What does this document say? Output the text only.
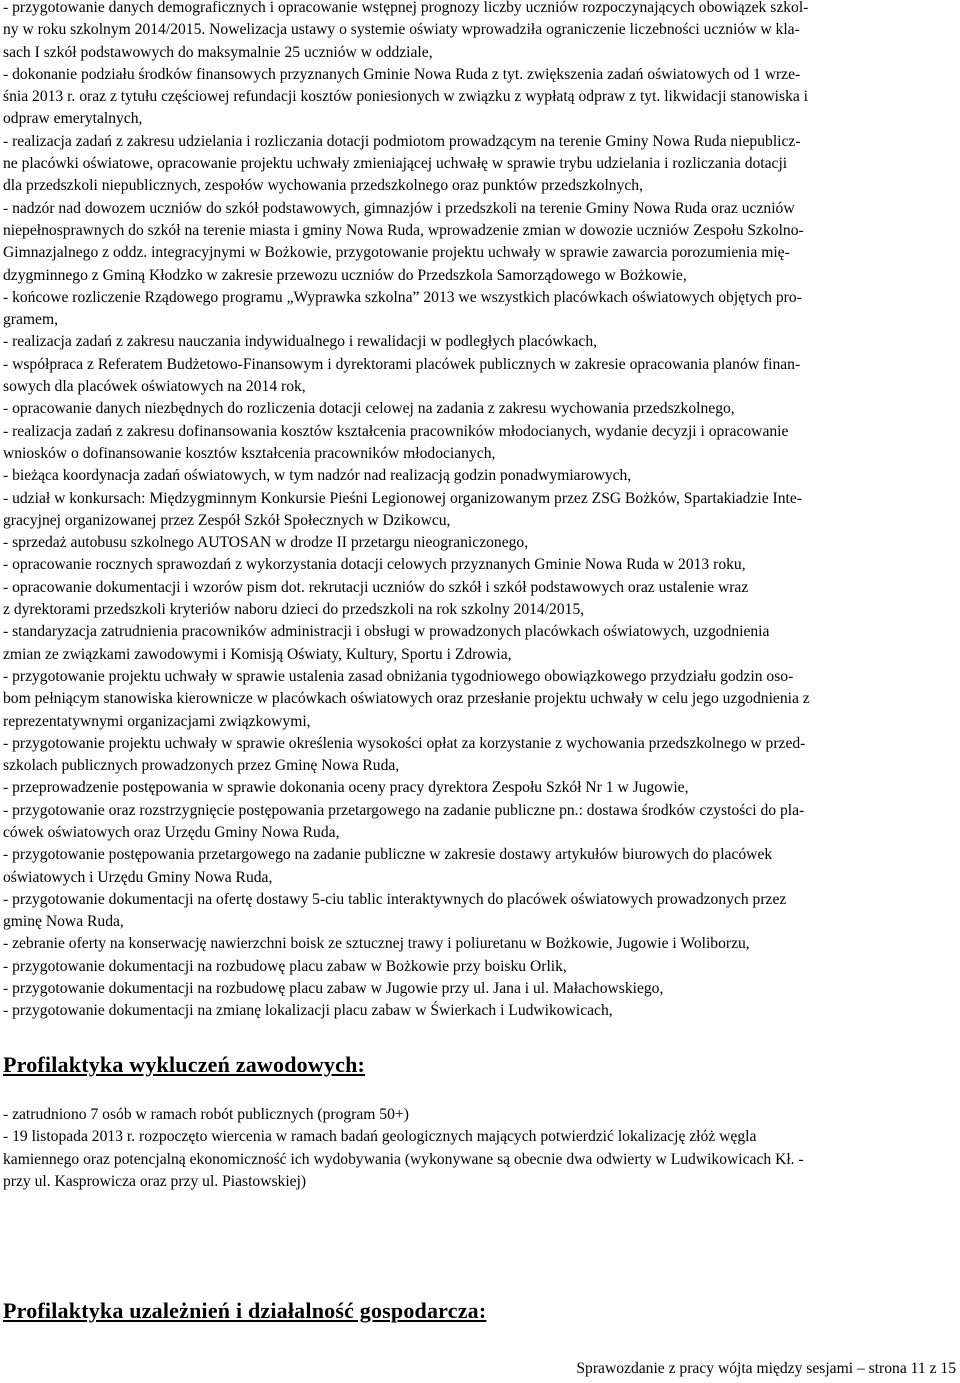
- przygotowanie danych demograficznych i opracowanie wstępnej prognozy liczby uczniów rozpoczynających obowiązek szkol-
ny w roku szkolnym 2014/2015. Nowelizacja ustawy o systemie oświaty wprowadziła ograniczenie liczebności uczniów w kla-
sach I szkół podstawowych do maksymalnie 25 uczniów w oddziale,
- dokonanie podziału środków finansowych przyznanych Gminie Nowa Ruda z tyt. zwiększenia zadań oświatowych od 1 wrze-
śnia 2013 r. oraz z tytułu częściowej refundacji kosztów poniesionych w związku z wypłatą odpraw z tyt. likwidacji stanowiska i
odpraw emerytalnych,
- realizacja zadań z zakresu udzielania i rozliczania dotacji podmiotom prowadzącym na terenie Gminy Nowa Ruda niepublicz-
ne placówki oświatowe, opracowanie projektu uchwały zmieniającej uchwałę w sprawie trybu udzielania i rozliczania dotacji
dla przedszkoli niepublicznych, zespołów wychowania przedszkolnego oraz punktów przedszkolnych,
- nadzór nad dowozem uczniów do szkół podstawowych, gimnazjów i przedszkoli na terenie Gminy Nowa Ruda oraz uczniów
niepełnosprawnych do szkół na terenie miasta i gminy Nowa Ruda, wprowadzenie zmian w dowozie uczniów Zespołu Szkolno-
Gimnazjalnego z oddz. integracyjnymi w Bożkowie, przygotowanie projektu uchwały w sprawie zawarcia porozumienia mię-
dzygminnego z Gminą Kłodzko w zakresie przewozu uczniów do Przedszkola Samorządowego w Bożkowie,
- końcowe rozliczenie Rządowego programu „Wyprawka szkolna” 2013 we wszystkich placówkach oświatowych objętych pro-
gramem,
- realizacja zadań z zakresu nauczania indywidualnego i rewalidacji w podległych placówkach,
- współpraca z Referatem Budżetowo-Finansowym i dyrektorami placówek publicznych w zakresie opracowania planów finan-
sowych dla placówek oświatowych na 2014 rok,
- opracowanie danych niezbędnych do rozliczenia dotacji celowej na zadania z zakresu wychowania przedszkolnego,
- realizacja zadań z zakresu dofinansowania kosztów kształcenia pracowników młodocianych, wydanie decyzji i opracowanie
wniosków o dofinansowanie kosztów kształcenia pracowników młodocianych,
- bieżąca koordynacja zadań oświatowych, w tym nadzór nad realizacją godzin ponadwymiarowych,
- udział w konkursach: Międzygminnym Konkursie Pieśni Legionowej organizowanym przez ZSG Bożków, Spartakiadzie Inte-
gracyjnej organizowanej przez Zespół Szkół Społecznych w Dzikowcu,
- sprzedaż autobusu szkolnego AUTOSAN w drodze II przetargu nieograniczonego,
- opracowanie rocznych sprawozdań z wykorzystania dotacji celowych przyznanych Gminie Nowa Ruda w 2013 roku,
- opracowanie dokumentacji i wzorów pism dot. rekrutacji uczniów do szkół i szkół podstawowych oraz ustalenie wraz
z dyrektorami przedszkoli kryteriów naboru dzieci do przedszkoli na rok szkolny 2014/2015,
- standaryzacja zatrudnienia pracowników administracji i obsługi w prowadzonych placówkach oświatowych, uzgodnienia
zmian ze związkami zawodowymi i Komisją Oświaty, Kultury, Sportu i Zdrowia,
- przygotowanie projektu uchwały w sprawie ustalenia zasad obniżania tygodniowego obowiązkowego przydziału godzin oso-
bom pełniącym stanowiska kierownicze w placówkach oświatowych oraz przesłanie projektu uchwały w celu jego uzgodnienia z
reprezentatywnymi organizacjami związkowymi,
- przygotowanie projektu uchwały w sprawie określenia wysokości opłat za korzystanie z wychowania przedszkolnego w przed-
szkolach publicznych prowadzonych przez Gminę Nowa Ruda,
- przeprowadzenie postępowania w sprawie dokonania oceny pracy dyrektora Zespołu Szkół Nr 1 w Jugowie,
- przygotowanie oraz rozstrzygnięcie postępowania przetargowego na zadanie publiczne pn.: dostawa środków czystości do pla-
cówek oświatowych oraz Urzędu Gminy Nowa Ruda,
- przygotowanie postępowania przetargowego na zadanie publiczne w zakresie dostawy artykułów biurowych do placówek
oświatowych i Urzędu Gminy Nowa Ruda,
- przygotowanie dokumentacji na ofertę dostawy 5-ciu tablic interaktywnych do placówek oświatowych prowadzonych przez
gminę Nowa Ruda,
- zebranie oferty na konserwację nawierzchni boisk ze sztucznej trawy i poliuretanu w Bożkowie, Jugowie i Woliborzu,
- przygotowanie dokumentacji na rozbudowę placu zabaw w Bożkowie przy boisku Orlik,
- przygotowanie dokumentacji na rozbudowę placu zabaw w Jugowie przy ul. Jana i ul. Małachowskiego,
- przygotowanie dokumentacji na zmianę lokalizacji placu zabaw w Świerkach i Ludwikowicach,
Profilaktyka wykluczeń zawodowych:
- zatrudniono 7 osób w ramach robót publicznych (program 50+)
- 19 listopada 2013 r. rozpoczęto wiercenia w ramach badań geologicznych mających potwierdzić lokalizację złóż węgla
kamiennego oraz potencjalną ekonomiczność ich wydobywania (wykonywane są obecnie dwa odwierty w Ludwikowicach Kł. -
przy ul. Kasprowicza oraz przy ul. Piastowskiej)
Profilaktyka uzależnień i działalność gospodarcza:
Sprawozdanie z pracy wójta między sesjami – strona 11 z 15
